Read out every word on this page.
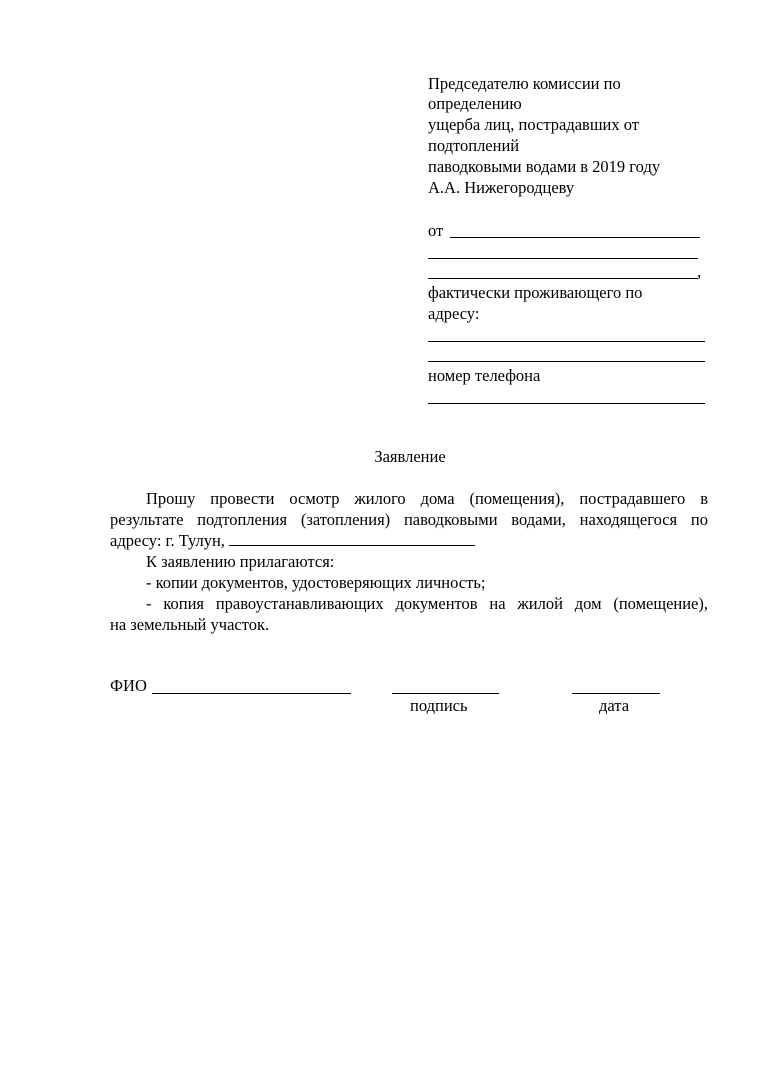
Председателю комиссии по
определению
ущерба лиц, пострадавших от
подтоплений
паводковыми водами в 2019 году
А.А. Нижегородцеву
от
,
фактически проживающего по
адресу:
номер телефона
Заявление
Прошу провести осмотр жилого дома (помещения), пострадавшего в
результате подтопления (затопления) паводковыми водами, находящегося по
адресу: г. Тулун,
К заявлению прилагаются:
- копии документов, удостоверяющих личность;
- копия правоустанавливающих документов на жилой дом (помещение),
на земельный участок.
ФИО
подпись	дата
